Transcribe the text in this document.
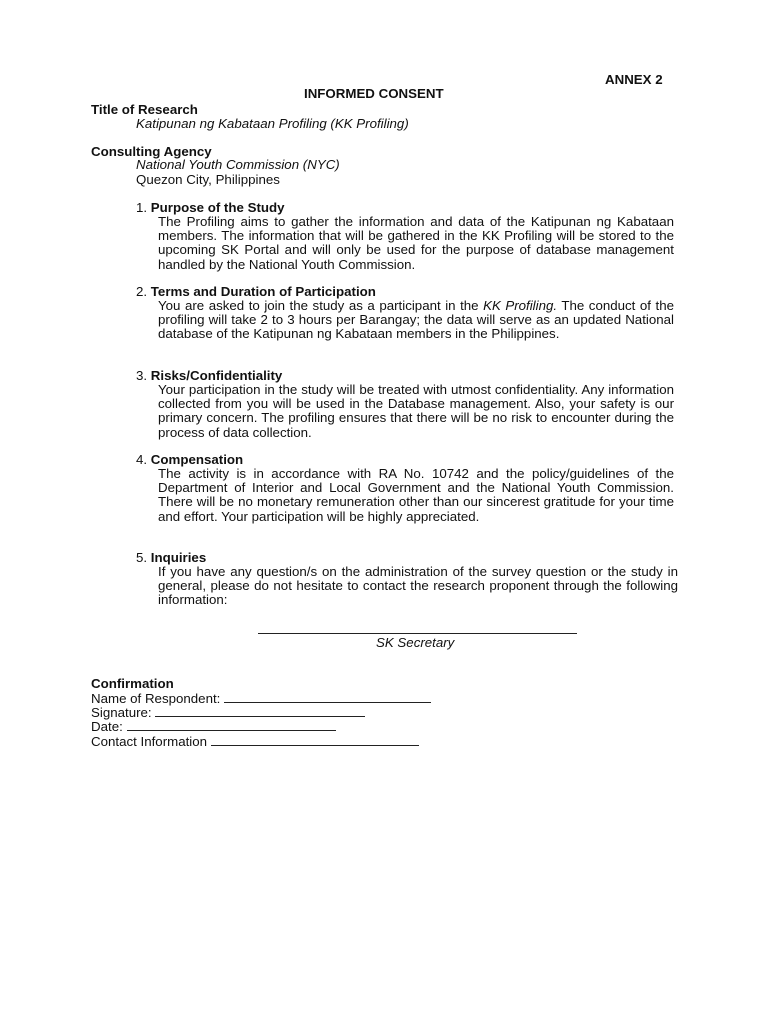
ANNEX 2
INFORMED CONSENT
Title of Research
Katipunan ng Kabataan Profiling (KK Profiling)
Consulting Agency
National Youth Commission (NYC)
Quezon City, Philippines
1. Purpose of the Study
The Profiling aims to gather the information and data of the Katipunan ng Kabataan members. The information that will be gathered in the KK Profiling will be stored to the upcoming SK Portal and will only be used for the purpose of database management handled by the National Youth Commission.
2. Terms and Duration of Participation
You are asked to join the study as a participant in the KK Profiling. The conduct of the profiling will take 2 to 3 hours per Barangay; the data will serve as an updated National database of the Katipunan ng Kabataan members in the Philippines.
3. Risks/Confidentiality
Your participation in the study will be treated with utmost confidentiality. Any information collected from you will be used in the Database management. Also, your safety is our primary concern. The profiling ensures that there will be no risk to encounter during the process of data collection.
4. Compensation
The activity is in accordance with RA No. 10742 and the policy/guidelines of the Department of Interior and Local Government and the National Youth Commission. There will be no monetary remuneration other than our sincerest gratitude for your time and effort. Your participation will be highly appreciated.
5. Inquiries
If you have any question/s on the administration of the survey question or the study in general, please do not hesitate to contact the research proponent through the following information:
SK Secretary
Confirmation
Name of Respondent:
Signature:
Date:
Contact Information
